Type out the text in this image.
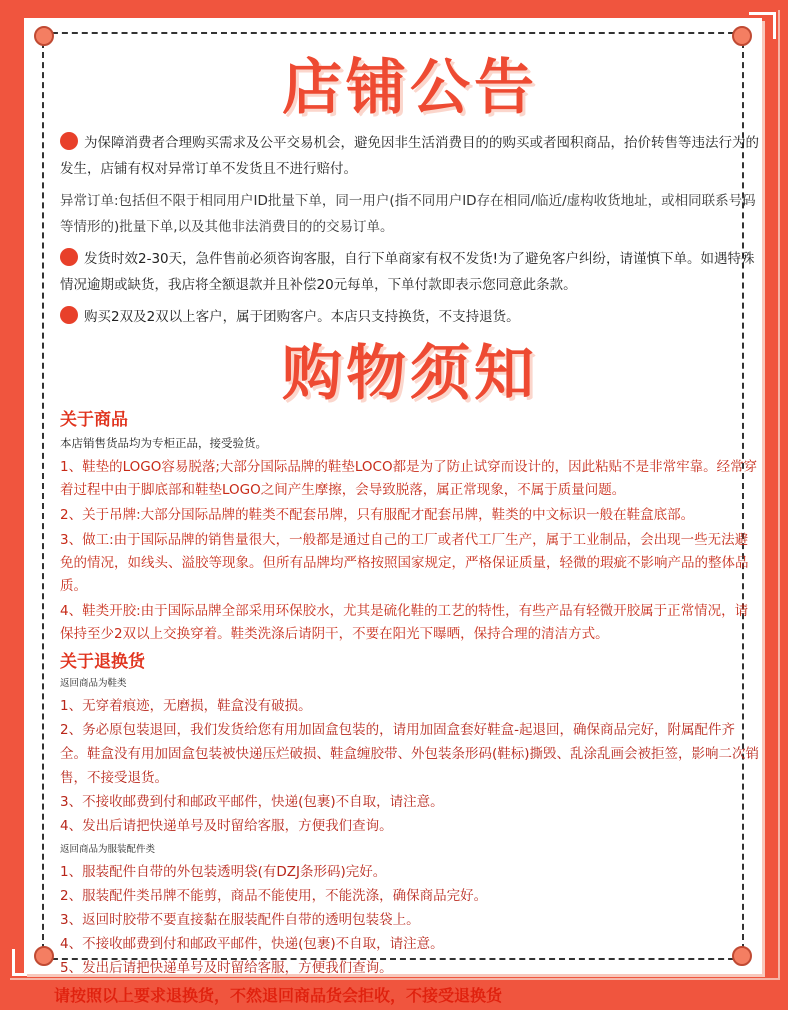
店铺公告

为保障消费者合理购买需求及公平交易机会，避免因非生活消费目的的购买或者囤积商品，抬价转售等违法行为的发生，店铺有权对异常订单不发货且不进行赔付。

异常订单:包括但不限于相同用户ID批量下单，同一用户(指不同用户ID存在相同/临近/虚构收货地址，或相同联系号码等情形的)批量下单,以及其他非法消费目的的交易订单。

发货时效2-30天，急件售前必须咨询客服，自行下单商家有权不发货!为了避免客户纠纷，请谨慎下单。如遇特殊情况逾期或缺货，我店将全额退款并且补偿20元每单，下单付款即表示您同意此条款。

购买2双及2双以上客户，属于团购客户。本店只支持换货，不支持退货。

购物须知

关于商品

本店销售货品均为专柜正品，接受验货。

1、鞋垫的LOGO容易脱落;大部分国际品牌的鞋垫LOCO都是为了防止试穿而设计的，因此粘贴不是非常牢靠。经常穿着过程中由于脚底部和鞋垫LOGO之间产生摩擦，会导致脱落，属正常现象，不属于质量问题。

2、关于吊牌:大部分国际品牌的鞋类不配套吊牌，只有服配才配套吊牌，鞋类的中文标识一般在鞋盒底部。

3、做工:由于国际品牌的销售量很大，一般都是通过自己的工厂或者代工厂生产，属于工业制品，会出现一些无法避免的情况，如线头、溢胶等现象。但所有品牌均严格按照国家规定，严格保证质量，轻微的瑕疵不影响产品的整体品质。

4、鞋类开胶:由于国际品牌全部采用环保胶水，尤其是硫化鞋的工艺的特性，有些产品有轻微开胶属于正常情况，请保持至少2双以上交换穿着。鞋类洗涤后请阴干，不要在阳光下曝晒，保持合理的清洁方式。

关于退换货

返回商品为鞋类

1、无穿着痕迹，无磨损，鞋盒没有破损。

2、务必原包装退回，我们发货给您有用加固盒包装的，请用加固盒套好鞋盒-起退回，确保商品完好，附属配件齐全。鞋盒没有用加固盒包装被快递压烂破损、鞋盒缠胶带、外包装条形码(鞋标)撕毁、乱涂乱画会被拒签，影响二次销售，不接受退货。

3、不接收邮费到付和邮政平邮件，快递(包裹)不自取，请注意。

4、发出后请把快递单号及时留给客服，方便我们查询。

返回商品为服装配件类

1、服装配件自带的外包装透明袋(有DZJ条形码)完好。

2、服装配件类吊牌不能剪，商品不能使用，不能洗涤，确保商品完好。

3、返回时胶带不要直接黏在服装配件自带的透明包装袋上。

4、不接收邮费到付和邮政平邮件，快递(包裹)不自取，请注意。

5、发出后请把快递单号及时留给客服，方便我们查询。

请按照以上要求退换货，不然退回商品货会拒收，不接受退换货
